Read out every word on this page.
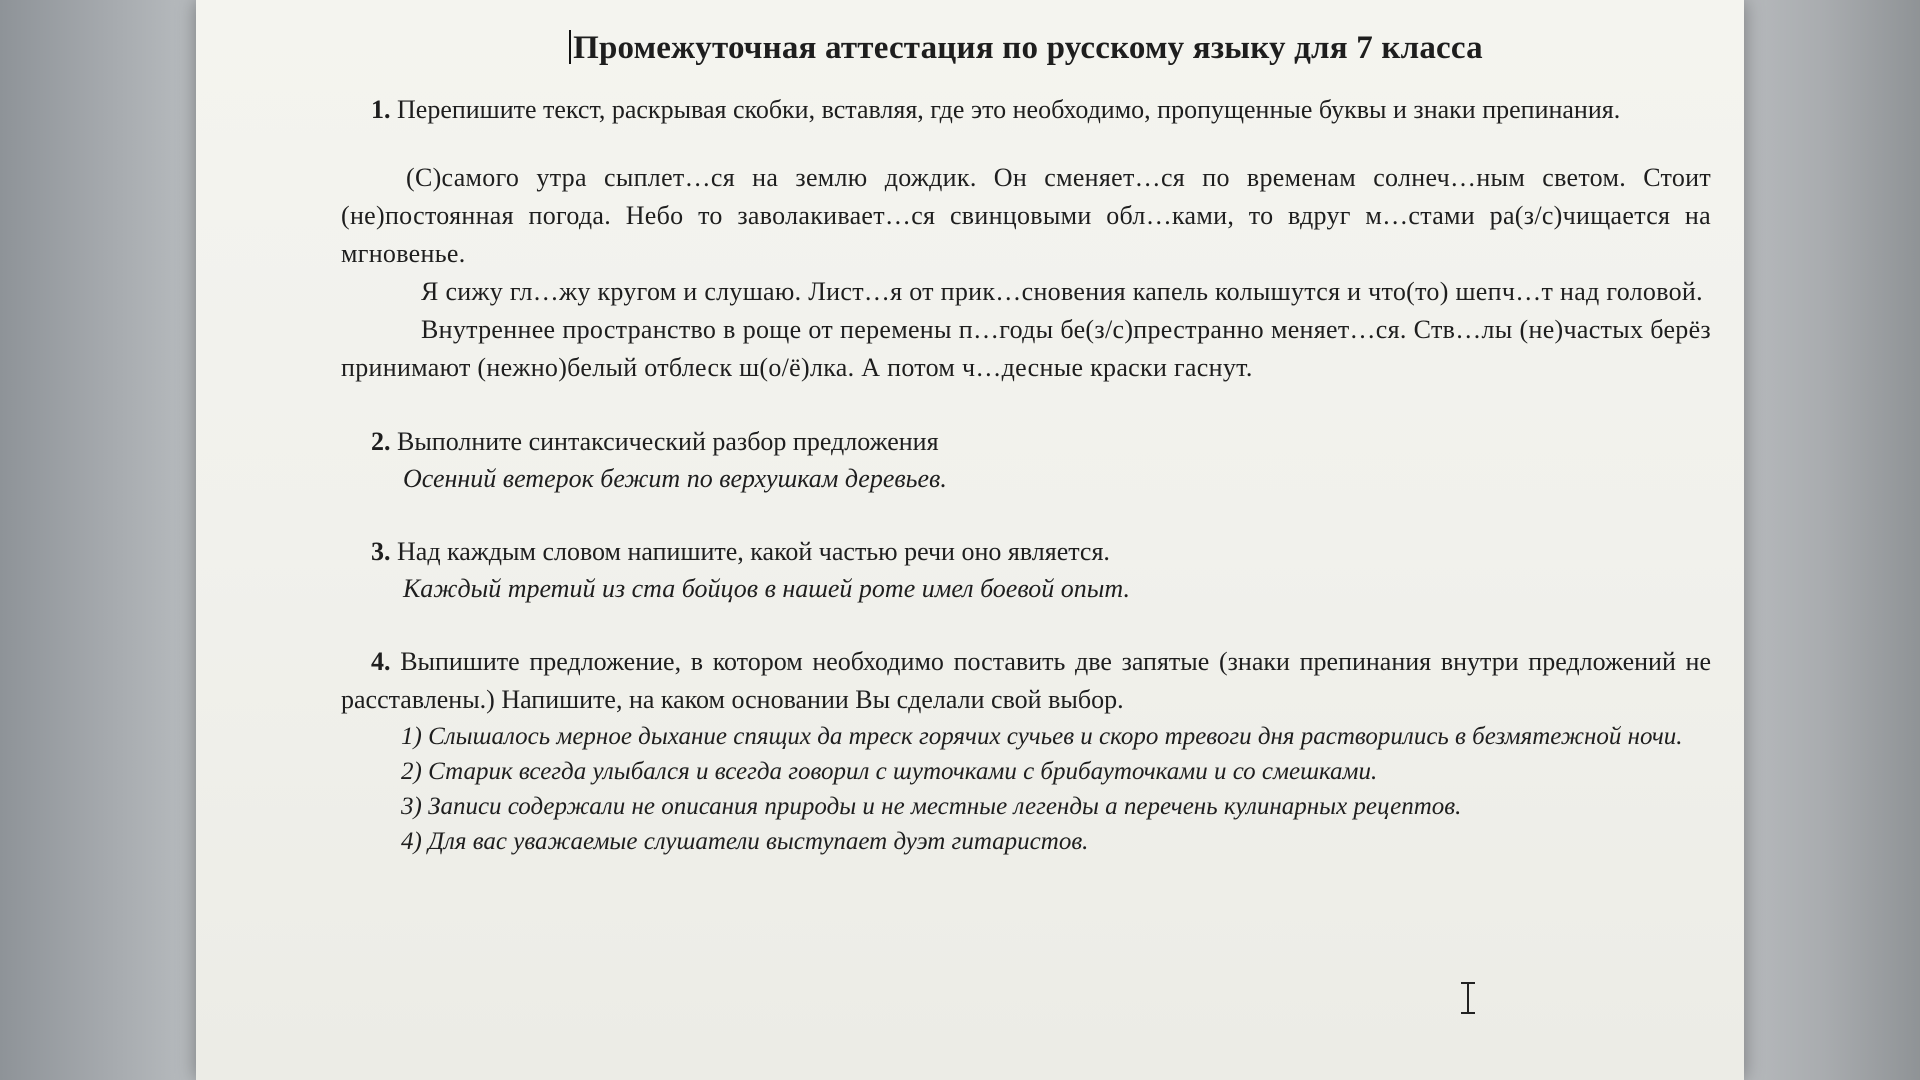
Промежуточная аттестация по русскому языку для 7 класса
1. Перепишите текст, раскрывая скобки, вставляя, где это необходимо, пропущенные буквы и знаки препинания.

(С)самого утра сыплет…ся на землю дождик. Он сменяет…ся по временам солнеч…ным светом. Стоит (не)постоянная погода. Небо то заволакивает…ся свинцовыми обл…ками, то вдруг м…стами ра(з/с)чищается на мгновенье.

Я сижу гл…жу кругом и слушаю. Лист…я от прик…сновения капель колышутся и что(то) шепч…т над головой.

Внутреннее пространство в роще от перемены п…годы бе(з/с)престранно меняет…ся. Ств…лы (не)частых берёз принимают (нежно)белый отблеск ш(о/ё)лка. А потом ч…десные краски гаснут.

2. Выполните синтаксический разбор предложения
Осенний ветерок бежит по верхушкам деревьев.
3. Над каждым словом напишите, какой частью речи оно является.
Каждый третий из ста бойцов в нашей роте имел боевой опыт.
4. Выпишите предложение, в котором необходимо поставить две запятые (знаки препинания внутри предложений не расставлены.) Напишите, на каком основании Вы сделали свой выбор.

1) Слышалось мерное дыхание спящих да треск горячих сучьев и скоро тревоги дня растворились в безмятежной ночи.

2) Старик всегда улыбался и всегда говорил с шуточками с брибауточками и со смешками.

3) Записи содержали не описания природы и не местные легенды а перечень кулинарных рецептов.

4) Для вас уважаемые слушатели выступает дуэт гитаристов.
